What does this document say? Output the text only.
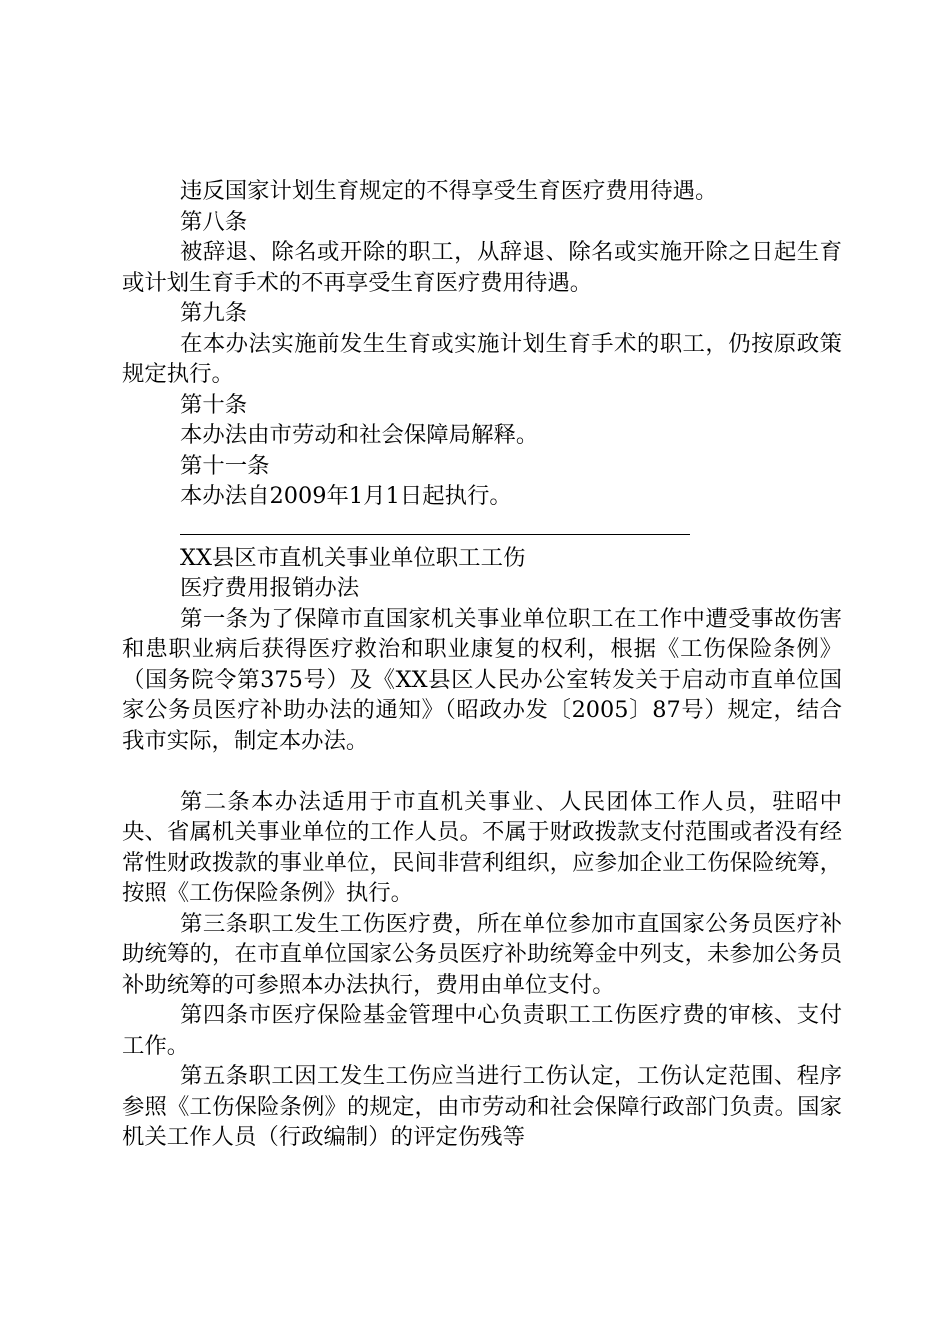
违反国家计划生育规定的不得享受生育医疗费用待遇。

第八条

被辞退、除名或开除的职工，从辞退、除名或实施开除之日起生育或计划生育手术的不再享受生育医疗费用待遇。

第九条

在本办法实施前发生生育或实施计划生育手术的职工，仍按原政策规定执行。

第十条

本办法由市劳动和社会保障局解释。

第十一条

本办法自2009年1月1日起执行。

XX县区市直机关事业单位职工工伤

医疗费用报销办法

第一条为了保障市直国家机关事业单位职工在工作中遭受事故伤害和患职业病后获得医疗救治和职业康复的权利，根据《工伤保险条例》（国务院令第375号）及《XX县区人民办公室转发关于启动市直单位国家公务员医疗补助办法的通知》（昭政办发〔2005〕87号）规定，结合我市实际，制定本办法。

第二条本办法适用于市直机关事业、人民团体工作人员，驻昭中央、省属机关事业单位的工作人员。不属于财政拨款支付范围或者没有经常性财政拨款的事业单位，民间非营利组织，应参加企业工伤保险统筹，按照《工伤保险条例》执行。

第三条职工发生工伤医疗费，所在单位参加市直国家公务员医疗补助统筹的，在市直单位国家公务员医疗补助统筹金中列支，未参加公务员补助统筹的可参照本办法执行，费用由单位支付。

第四条市医疗保险基金管理中心负责职工工伤医疗费的审核、支付工作。

第五条职工因工发生工伤应当进行工伤认定，工伤认定范围、程序参照《工伤保险条例》的规定，由市劳动和社会保障行政部门负责。国家机关工作人员（行政编制）的评定伤残等
